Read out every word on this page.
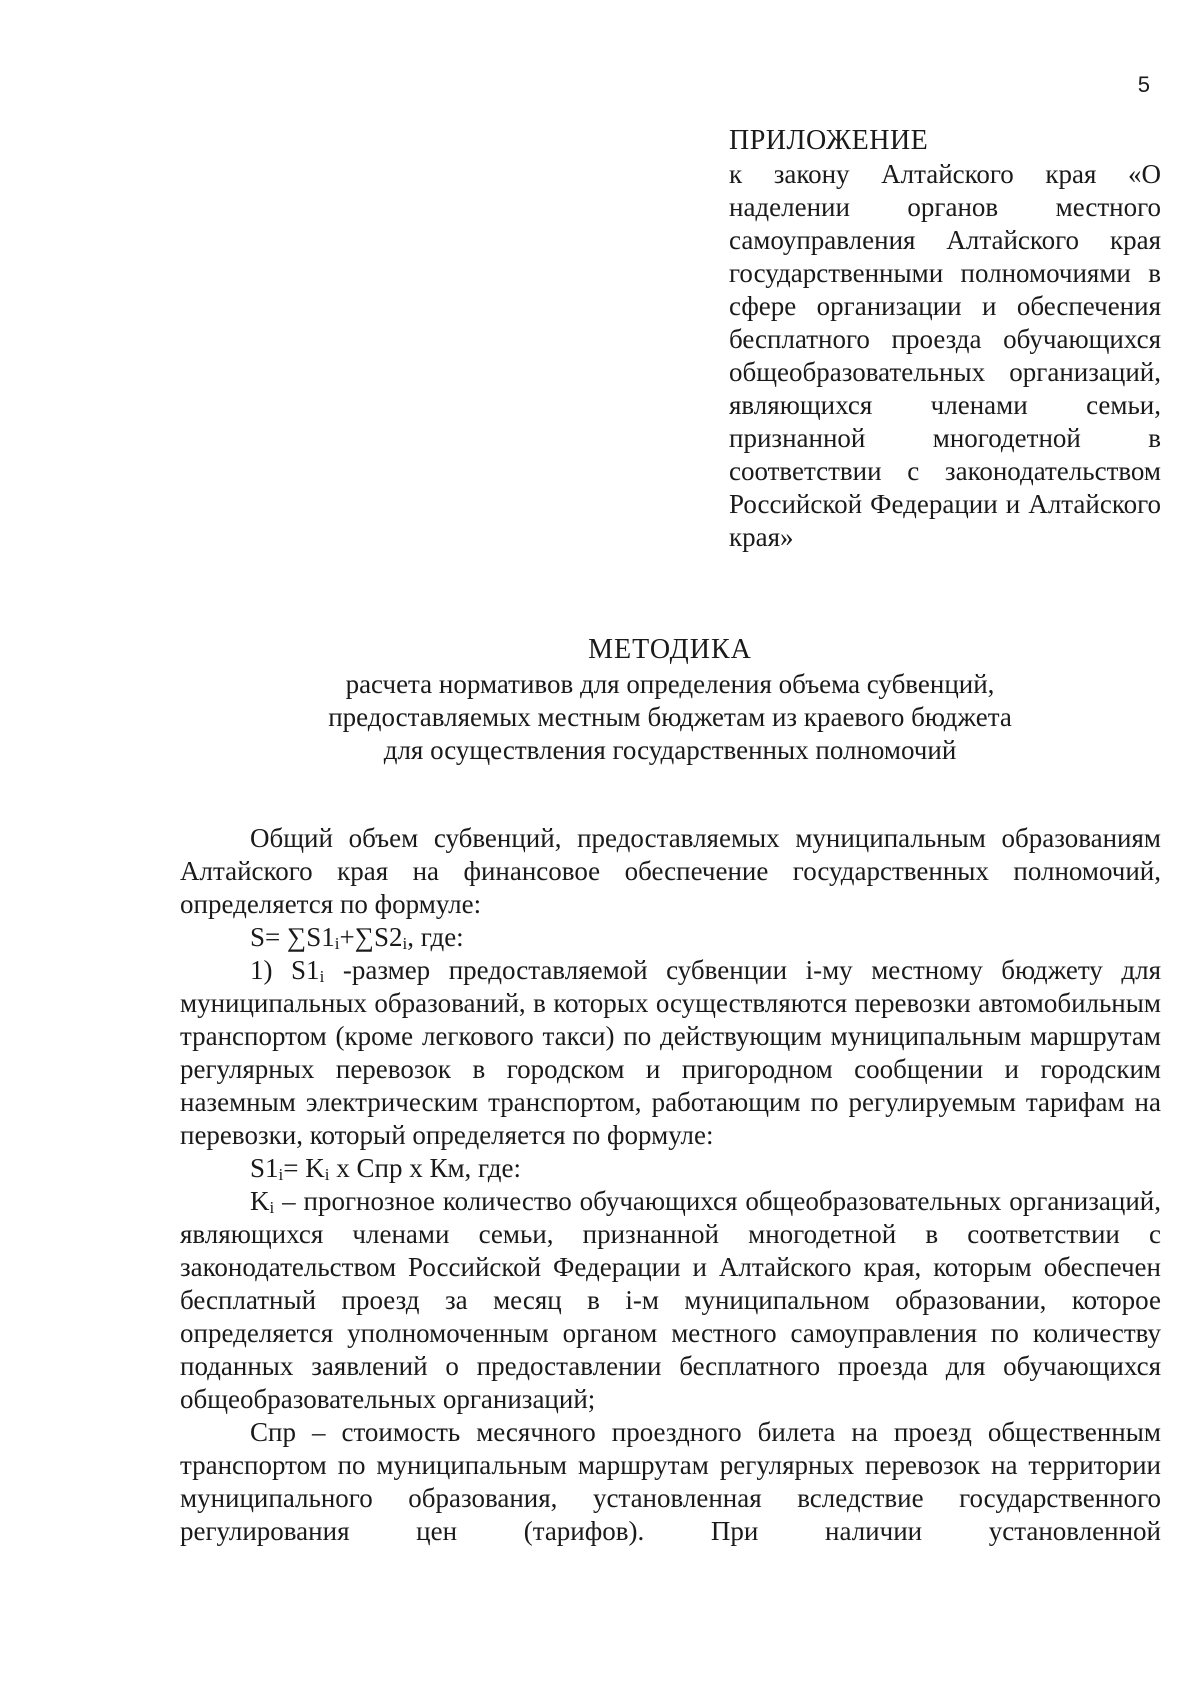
5
ПРИЛОЖЕНИЕ

к закону Алтайского края «О наделении органов местного самоуправления Алтайского края государственными полномочиями в сфере организации и обеспечения бесплатного проезда обучающихся общеобразовательных организаций, являющихся членами семьи, признанной многодетной в соответствии с законодательством Российской Федерации и Алтайского края»

МЕТОДИКА
расчета нормативов для определения объема субвенций,
предоставляемых местным бюджетам из краевого бюджета
для осуществления государственных полномочий

Общий объем субвенций, предоставляемых муниципальным образованиям Алтайского края на финансовое обеспечение государственных полномочий, определяется по формуле:

$S= \sum S1_i+\sum S2_i$, где:

1) $S1_i$ -размер предоставляемой субвенции i-му местному бюджету для муниципальных образований, в которых осуществляются перевозки автомобильным транспортом (кроме легкового такси) по действующим муниципальным маршрутам регулярных перевозок в городском и пригородном сообщении и городским наземным электрическим транспортом, работающим по регулируемым тарифам на перевозки, который определяется по формуле:

$S1_i= K_i$ х Спр х Км, где:

$K_i$ – прогнозное количество обучающихся общеобразовательных организаций, являющихся членами семьи, признанной многодетной в соответствии с законодательством Российской Федерации и Алтайского края, которым обеспечен бесплатный проезд за месяц в i-м муниципальном образовании, которое определяется уполномоченным органом местного самоуправления по количеству поданных заявлений о предоставлении бесплатного проезда для обучающихся общеобразовательных организаций;

Спр – стоимость месячного проездного билета на проезд общественным транспортом по муниципальным маршрутам регулярных перевозок на территории муниципального образования, установленная вследствие государственного регулирования цен (тарифов). При наличии установленной
